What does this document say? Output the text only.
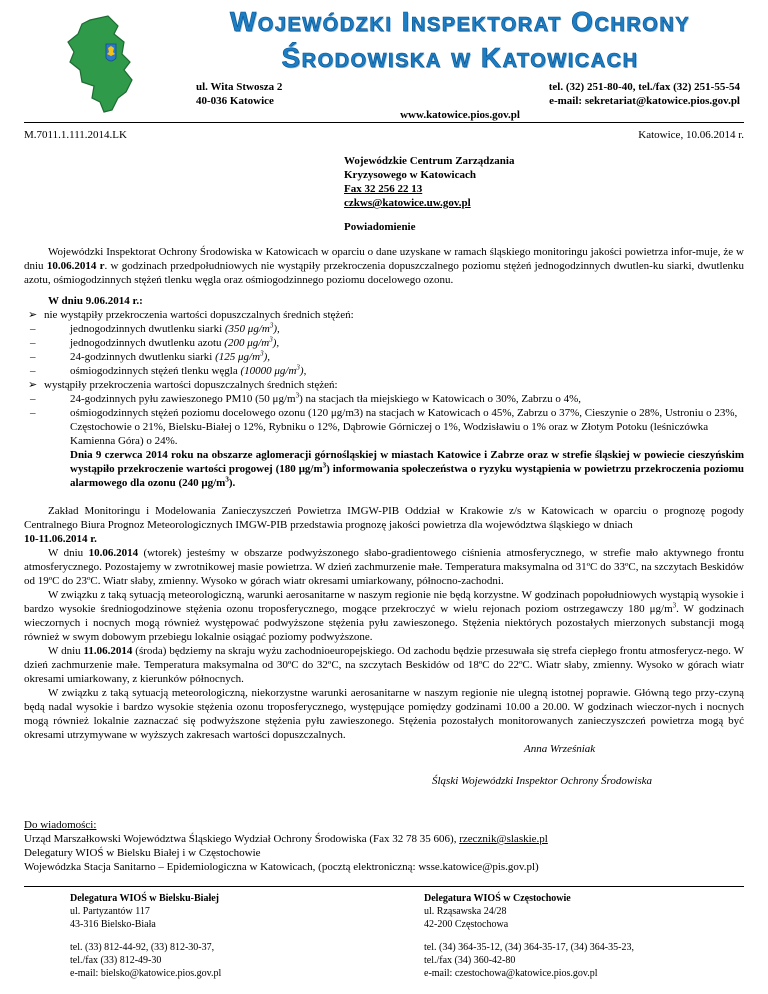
Wojewódzki Inspektorat Ochrony
Środowiska w Katowicach
ul. Wita Stwosza 2
40-036 Katowice
tel. (32) 251-80-40, tel./fax (32) 251-55-54
e-mail: sekretariat@katowice.pios.gov.pl
www.katowice.pios.gov.pl
M.7011.1.111.2014.LK	Katowice, 10.06.2014 r.
Wojewódzkie Centrum Zarządzania
Kryzysowego w Katowicach
Fax 32 256 22 13
czkws@katowice.uw.gov.pl
Powiadomienie
Wojewódzki Inspektorat Ochrony Środowiska w Katowicach w oparciu o dane uzyskane w ramach śląskiego monitoringu jakości powietrza infor-muje, że w dniu 10.06.2014 r. w godzinach przedpołudniowych nie wystąpiły przekroczenia dopuszczalnego poziomu stężeń jednogodzinnych dwutlen-ku siarki, dwutlenku azotu, ośmiogodzinnych stężeń tlenku węgla oraz ośmiogodzinnego poziomu docelowego ozonu.
W dniu 9.06.2014 r.:
➢ nie wystąpiły przekroczenia wartości dopuszczalnych średnich stężeń:
–	jednogodzinnych dwutlenku siarki (350 $\mu g/m^3$),
–	jednogodzinnych dwutlenku azotu (200 $\mu g/m^3$),
–	24-godzinnych dwutlenku siarki (125 $\mu g/m^3$),
–	ośmiogodzinnych stężeń tlenku węgla (10000 $\mu g/m^3$),
➢ wystąpiły przekroczenia wartości dopuszczalnych średnich stężeń:
–	24-godzinnych pyłu zawieszonego PM10 (50 $\mu g/m^3$) na stacjach tła miejskiego w Katowicach o 30%, Zabrzu o 4%,
–	ośmiogodzinnych stężeń poziomu docelowego ozonu (120 μg/m3) na stacjach w Katowicach o 45%, Zabrzu o 37%, Cieszynie o 28%, Ustroniu o 23%, Częstochowie o 21%, Bielsku-Białej o 12%, Rybniku o 12%, Dąbrowie Górniczej o 1%, Wodzisławiu o 1% oraz w Złotym Potoku (leśniczówka Kamienna Góra) o 24%.
Dnia 9 czerwca 2014 roku na obszarze aglomeracji górnośląskiej w miastach Katowice i Zabrze oraz w strefie śląskiej w powiecie cieszyńskim wystąpiło przekroczenie wartości progowej (180 $\mu g/m^3$) informowania społeczeństwa o ryzyku wystąpienia w powietrzu przekroczenia poziomu alarmowego dla ozonu (240 $\mu g/m^3$).
Zakład Monitoringu i Modelowania Zanieczyszczeń Powietrza IMGW-PIB Oddział w Krakowie z/s w Katowicach w oparciu o prognozę pogody Centralnego Biura Prognoz Meteorologicznych IMGW-PIB przedstawia prognozę jakości powietrza dla województwa śląskiego w dniach
10-11.06.2014 r.
W dniu 10.06.2014 (wtorek) jesteśmy w obszarze podwyższonego słabo-gradientowego ciśnienia atmosferycznego, w strefie mało aktywnego frontu atmosferycznego. Pozostajemy w zwrotnikowej masie powietrza. W dzień zachmurzenie małe. Temperatura maksymalna od 31ºC do 33ºC, na szczytach Beskidów od 19ºC do 23ºC. Wiatr słaby, zmienny. Wysoko w górach wiatr okresami umiarkowany, północno-zachodni.
W związku z taką sytuacją meteorologiczną, warunki aerosanitarne w naszym regionie nie będą korzystne. W godzinach popołudniowych wystąpią wysokie i bardzo wysokie średniogodzinowe stężenia ozonu troposferycznego, mogące przekroczyć w wielu rejonach poziom ostrzegawczy 180 $\mu g/m^3$. W godzinach wieczornych i nocnych mogą również występować podwyższone stężenia pyłu zawieszonego. Stężenia niektórych pozostałych mierzonych substancji mogą również w swym dobowym przebiegu lokalnie osiągać poziomy podwyższone.
W dniu 11.06.2014 (środa) będziemy na skraju wyżu zachodnioeuropejskiego. Od zachodu będzie przesuwała się strefa ciepłego frontu atmosferycz-nego. W dzień zachmurzenie małe. Temperatura maksymalna od 30ºC do 32ºC, na szczytach Beskidów od 18ºC do 22ºC. Wiatr słaby, zmienny. Wysoko w górach wiatr okresami umiarkowany, z kierunków północnych.
W związku z taką sytuacją meteorologiczną, niekorzystne warunki aerosanitarne w naszym regionie nie ulegną istotnej poprawie. Główną tego przy-czyną będą nadal wysokie i bardzo wysokie stężenia ozonu troposferycznego, występujące pomiędzy godzinami 10.00 a 20.00. W godzinach wieczor-nych i nocnych mogą również lokalnie zaznaczać się podwyższone stężenia pyłu zawieszonego. Stężenia pozostałych monitorowanych zanieczyszczeń powietrza mogą być okresami utrzymywane w wyższych zakresach wartości dopuszczalnych.
Anna Wrześniak
Śląski Wojewódzki Inspektor Ochrony Środowiska
Do wiadomości:
Urząd Marszałkowski Województwa Śląskiego Wydział Ochrony Środowiska (Fax 32 78 35 606), rzecznik@slaskie.pl
Delegatury WIOŚ w Bielsku Białej i w Częstochowie
Wojewódzka Stacja Sanitarno – Epidemiologiczna w Katowicach, (pocztą elektroniczną: wsse.katowice@pis.gov.pl)
Delegatura WIOŚ w Bielsku-Białej
ul. Partyzantów 117
43-316 Bielsko-Biała
tel. (33) 812-44-92, (33) 812-30-37,
tel./fax (33) 812-49-30
e-mail: bielsko@katowice.pios.gov.pl
Delegatura WIOŚ w Częstochowie
ul. Rząsawska 24/28
42-200 Częstochowa
tel. (34) 364-35-12, (34) 364-35-17, (34) 364-35-23,
tel./fax (34) 360-42-80
e-mail: czestochowa@katowice.pios.gov.pl
